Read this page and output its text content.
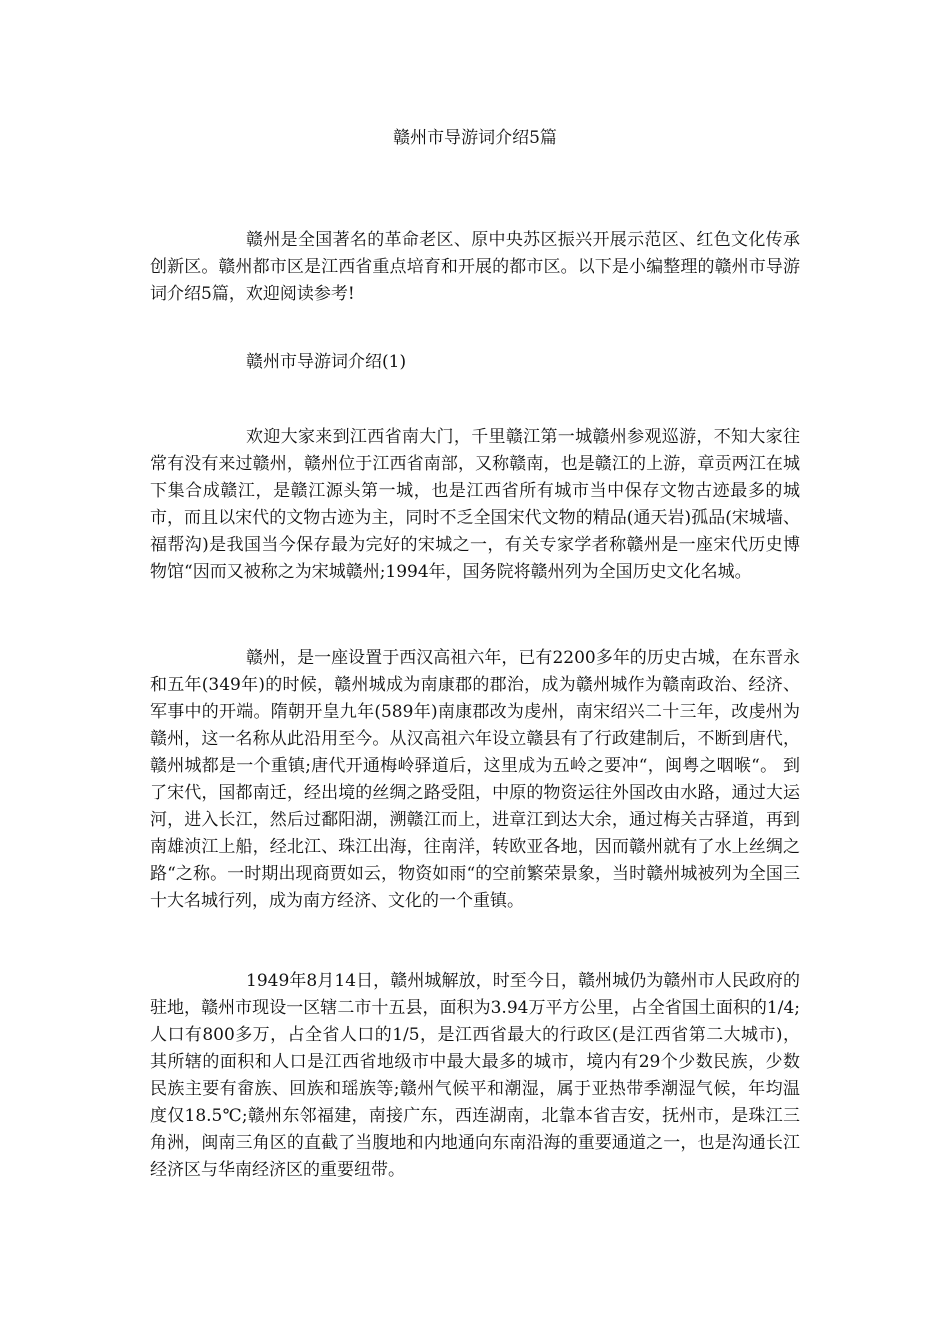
赣州市导游词介绍5篇

赣州是全国著名的革命老区、原中央苏区振兴开展示范区、红色文化传承创新区。赣州都市区是江西省重点培育和开展的都市区。以下是小编整理的赣州市导游词介绍5篇，欢迎阅读参考!

赣州市导游词介绍(1)

欢迎大家来到江西省南大门，千里赣江第一城赣州参观巡游，不知大家往常有没有来过赣州，赣州位于江西省南部，又称赣南，也是赣江的上游，章贡两江在城下集合成赣江，是赣江源头第一城，也是江西省所有城市当中保存文物古迹最多的城市，而且以宋代的文物古迹为主，同时不乏全国宋代文物的精品(通天岩)孤品(宋城墙、福帮沟)是我国当今保存最为完好的宋城之一，有关专家学者称赣州是一座宋代历史博物馆“因而又被称之为宋城赣州;1994年，国务院将赣州列为全国历史文化名城。

赣州，是一座设置于西汉高祖六年，已有2200多年的历史古城，在东晋永和五年(349年)的时候，赣州城成为南康郡的郡治，成为赣州城作为赣南政治、经济、军事中的开端。隋朝开皇九年(589年)南康郡改为虔州，南宋绍兴二十三年，改虔州为赣州，这一名称从此沿用至今。从汉高祖六年设立赣县有了行政建制后，不断到唐代，赣州城都是一个重镇;唐代开通梅岭驿道后，这里成为五岭之要冲“，闽粤之咽喉“。 到了宋代，国都南迁，经出境的丝绸之路受阻，中原的物资运往外国改由水路，通过大运河，进入长江，然后过鄱阳湖，溯赣江而上，进章江到达大余，通过梅关古驿道，再到南雄浈江上船，经北江、珠江出海，往南洋，转欧亚各地，因而赣州就有了水上丝绸之路“之称。一时期出现商贾如云，物资如雨“的空前繁荣景象，当时赣州城被列为全国三十大名城行列，成为南方经济、文化的一个重镇。

1949年8月14日，赣州城解放，时至今日，赣州城仍为赣州市人民政府的驻地，赣州市现设一区辖二市十五县，面积为3.94万平方公里，占全省国土面积的1/4;人口有800多万，占全省人口的1/5，是江西省最大的行政区(是江西省第二大城市)，其所辖的面积和人口是江西省地级市中最大最多的城市，境内有29个少数民族，少数民族主要有畲族、回族和瑶族等;赣州气候平和潮湿，属于亚热带季潮湿气候，年均温度仅18.5℃;赣州东邻福建，南接广东，西连湖南，北靠本省吉安，抚州市，是珠江三角洲，闽南三角区的直截了当腹地和内地通向东南沿海的重要通道之一，也是沟通长江经济区与华南经济区的重要纽带。
